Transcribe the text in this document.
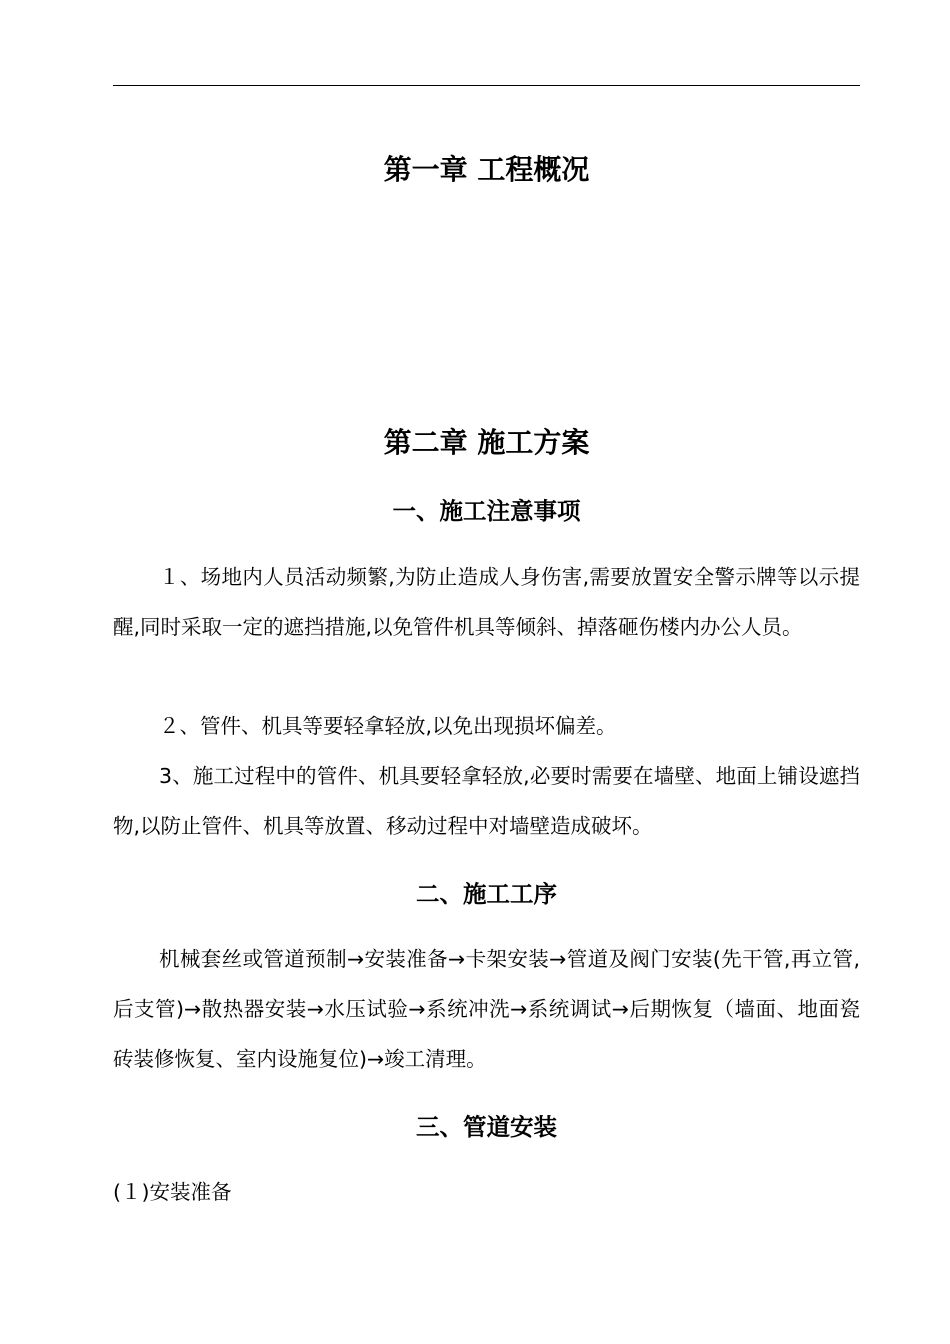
第一章 工程概况
第二章 施工方案
一、施工注意事项

１、场地内人员活动频繁,为防止造成人身伤害,需要放置安全警示牌等以示提醒,同时采取一定的遮挡措施,以免管件机具等倾斜、掉落砸伤楼内办公人员。

２、管件、机具等要轻拿轻放,以免出现损坏偏差。

3、施工过程中的管件、机具要轻拿轻放,必要时需要在墙壁、地面上铺设遮挡物,以防止管件、机具等放置、移动过程中对墙壁造成破坏。

二、施工工序

机械套丝或管道预制→安装准备→卡架安装→管道及阀门安装(先干管,再立管,后支管)→散热器安装→水压试验→系统冲洗→系统调试→后期恢复（墙面、地面瓷砖装修恢复、室内设施复位)→竣工清理。

三、管道安装
(１)安装准备
